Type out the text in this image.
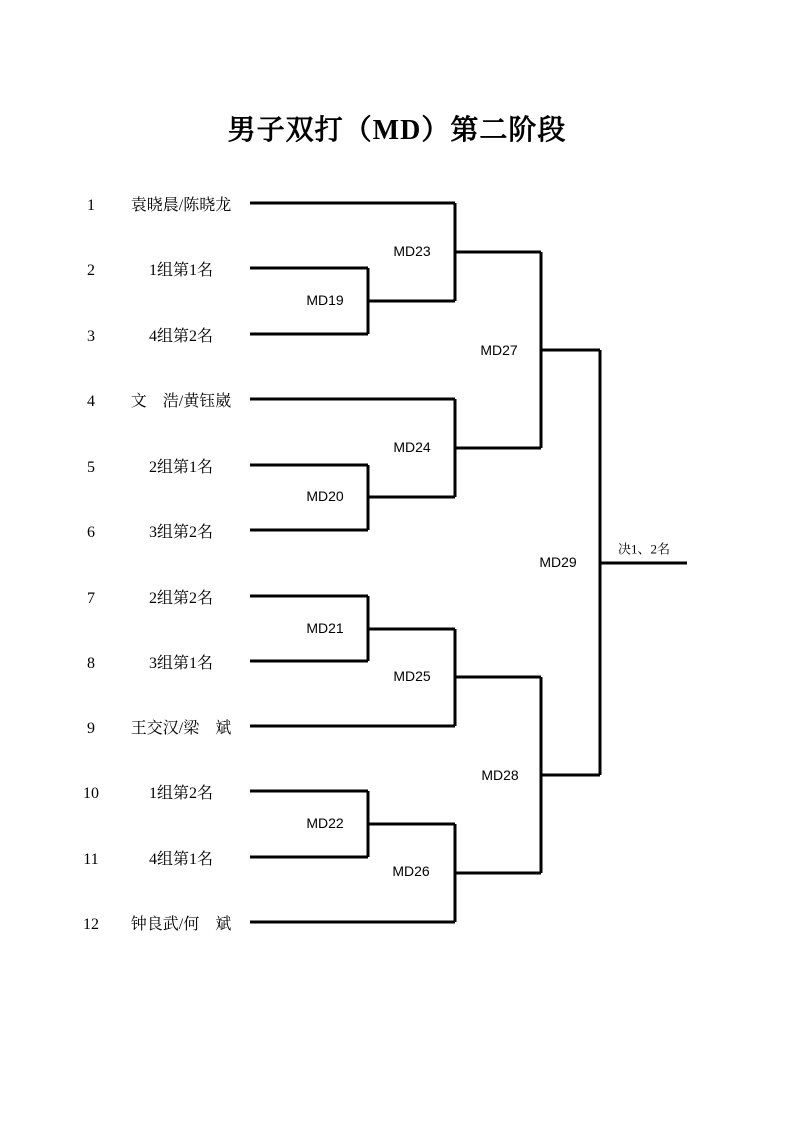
男子双打（MD）第二阶段
1	袁晓晨/陈晓龙
2	1组第1名
3	4组第2名
4	文　浩/黄钰崴
5	2组第1名
6	3组第2名
7	2组第2名
8	3组第1名
9	王交汉/梁　斌
10	1组第2名
11	4组第1名
12	钟良武/何　斌
MD19
MD20
MD21
MD22
MD23
MD24
MD25
MD26
MD27
MD28
MD29
决1、2名
